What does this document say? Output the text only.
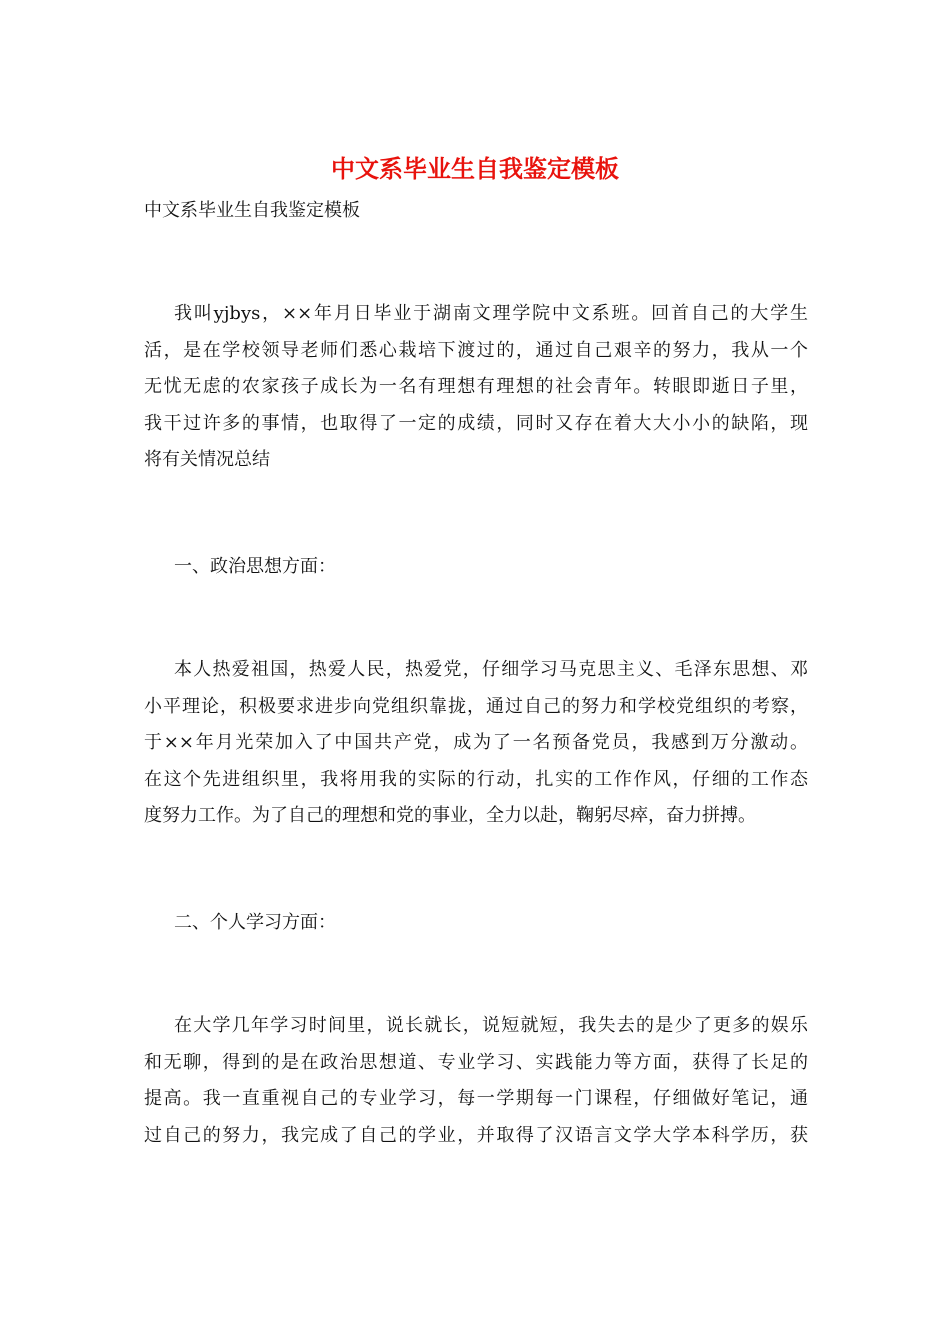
中文系毕业生自我鉴定模板

中文系毕业生自我鉴定模板

我叫yjbys，××年月日毕业于湖南文理学院中文系班。回首自己的大学生
活，是在学校领导老师们悉心栽培下渡过的，通过自己艰辛的努力，我从一个
无忧无虑的农家孩子成长为一名有理想有理想的社会青年。转眼即逝日子里，
我干过许多的事情，也取得了一定的成绩，同时又存在着大大小小的缺陷，现
将有关情况总结

一、政治思想方面：

本人热爱祖国，热爱人民，热爱党，仔细学习马克思主义、毛泽东思想、邓
小平理论，积极要求进步向党组织靠拢，通过自己的努力和学校党组织的考察，
于××年月光荣加入了中国共产党，成为了一名预备党员，我感到万分激动。
在这个先进组织里，我将用我的实际的行动，扎实的工作作风，仔细的工作态
度努力工作。为了自己的理想和党的事业，全力以赴，鞠躬尽瘁，奋力拼搏。

二、个人学习方面：

在大学几年学习时间里，说长就长，说短就短，我失去的是少了更多的娱乐
和无聊，得到的是在政治思想道、专业学习、实践能力等方面，获得了长足的
提高。我一直重视自己的专业学习，每一学期每一门课程，仔细做好笔记，通
过自己的努力，我完成了自己的学业，并取得了汉语言文学大学本科学历，获
